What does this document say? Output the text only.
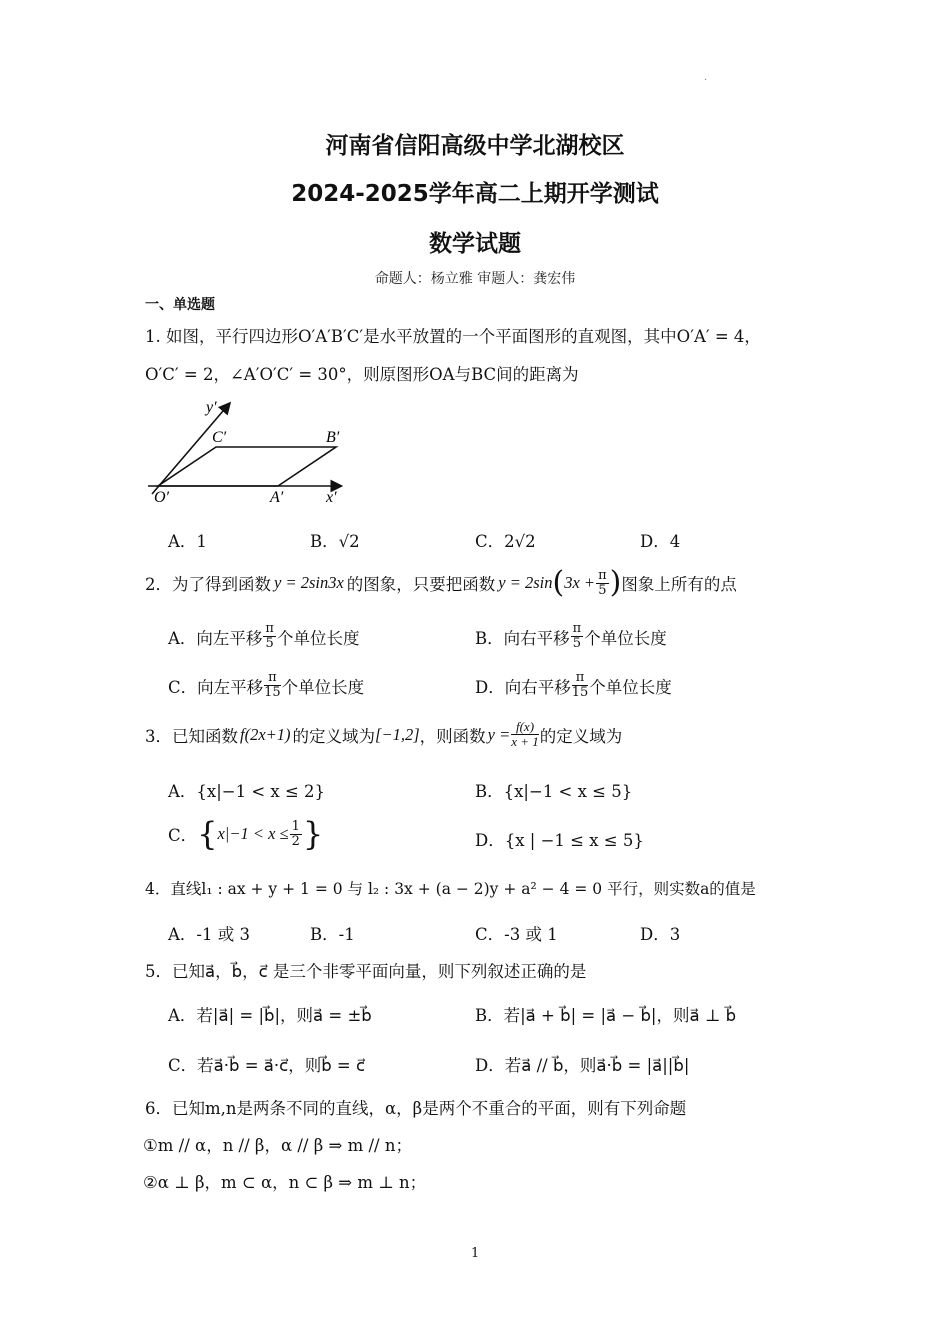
.
河南省信阳高级中学北湖校区
2024-2025学年高二上期开学测试
数学试题
命题人：杨立雅 审题人：龚宏伟
一、单选题
1. 如图，平行四边形O′A′B′C′是水平放置的一个平面图形的直观图，其中O′A′ = 4，
O′C′ = 2，∠A′O′C′ = 30°，则原图形OA与BC间的距离为
y′
C′	B′
O′	A′	x′
A．1	B．√2	C．2√2	D．4
2．为了得到函数 y = 2sin3x 的图象，只要把函数 y = 2sin ( $3x + \frac{\pi}{5}$ ) 图象上所有的点
A．向左平移 $\frac{\pi}{5}$ 个单位长度	B．向右平移 $\frac{\pi}{5}$ 个单位长度
C．向左平移 $\frac{\pi}{15}$ 个单位长度	D．向右平移 $\frac{\pi}{15}$ 个单位长度
3．已知函数 f(2x+1) 的定义域为 [−1,2] ，则函数 $y = \frac{f(x)}{x + 1}$ 的定义域为
A．{x|−1 < x ≤ 2}	B．{x|−1 < x ≤ 5}
C． { $x|-1 < x \le \frac{1}{2}$ }	D．{x | −1 ≤ x ≤ 5}
4．直线l₁ : ax + y + 1 = 0 与 l₂ : 3x + (a − 2)y + a² − 4 = 0 平行，则实数a的值是
A．-1 或 3	B．-1	C．-3 或 1	D．3
5．已知a⃗，b⃗，c⃗ 是三个非零平面向量，则下列叙述正确的是
A．若|a⃗| = |b⃗|，则a⃗ = ±b⃗	B．若|a⃗ + b⃗| = |a⃗ − b⃗|，则a⃗ ⊥ b⃗
C．若a⃗·b⃗ = a⃗·c⃗，则b⃗ = c⃗	D．若a⃗ // b⃗，则a⃗·b⃗ = |a⃗||b⃗|
6．已知m,n是两条不同的直线，α，β是两个不重合的平面，则有下列命题
①m // α，n // β，α // β ⇒ m // n；
②α ⊥ β，m ⊂ α，n ⊂ β ⇒ m ⊥ n；
1
